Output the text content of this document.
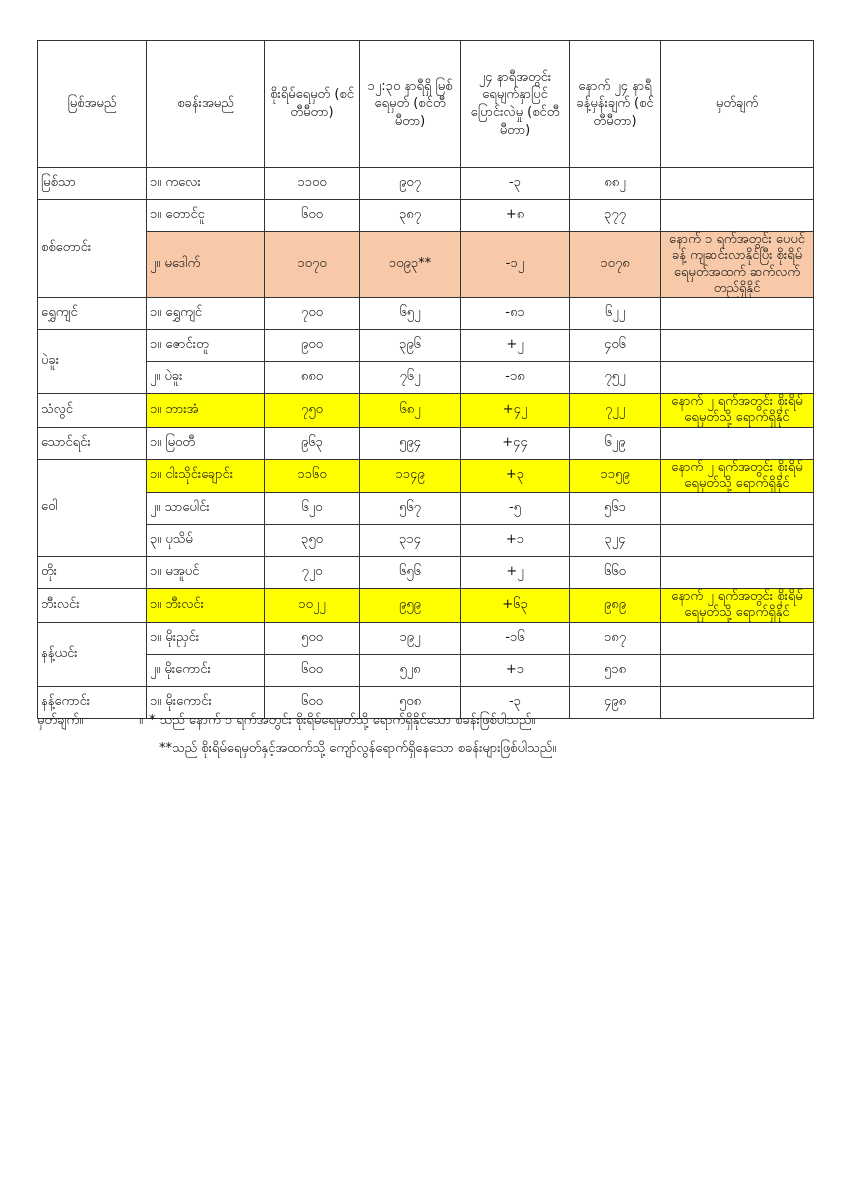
မြစ်အမည်	စခန်းအမည်	စိုးရိမ်ရေမှတ် (စင်တီမီတာ)	၁၂:၃၀ နာရီရှိ မြစ်ရေမှတ် (စင်တီမီတာ)	၂၄ နာရီအတွင်း ရေမျက်နှာပြင် ပြောင်းလဲမှု (စင်တီမီတာ)	နောက် ၂၄ နာရီ ခန့်မှန်းချက် (စင်တီမီတာ)	မှတ်ချက်
မြစ်သာ	၁။ ကလေး	၁၁၀၀	၉၀၇	-၃	၈၈၂	
စစ်တောင်း	၁။ တောင်ငူ	၆၀၀	၃၈၇	+၈	၃၇၇	
	၂။ မဒေါက်	၁၀၇၀	၁၀၉၃**	-၁၂	၁၀၇၈	နောက် ၁ ရက်အတွင်း ပေပင်ခန့် ကျဆင်းလာနိုင်ပြီး စိုးရိမ်ရေမှတ်အထက် ဆက်လက်တည်ရှိနိုင်
ရွှေကျင်	၁။ ရွှေကျင်	၇၀၀	၆၅၂	-၈၁	၆၂၂	
ပဲခူး	၁။ ဇောင်းတူ	၉၀၀	၃၉၆	+၂	၄၀၆	
	၂။ ပဲခူး	၈၈၀	၇၆၂	-၁၈	၇၅၂	
သံလွင်	၁။ ဘားအံ	၇၅၀	၆၈၂	+၄၂	၇၂၂	နောက် ၂ ရက်အတွင်း စိုးရိမ်ရေမှတ်သို့ ရောက်ရှိနိုင်
သောင်ရင်း	၁။ မြဝတီ	၉၆၃	၅၉၄	+၄၄	၆၂၉	
ဝေါ	၁။ ငါးသိုင်းချောင်း	၁၁၆၀	၁၁၄၉	+၃	၁၁၅၉	နောက် ၂ ရက်အတွင်း စိုးရိမ်ရေမှတ်သို့ ရောက်ရှိနိုင်
	၂။ သာပေါင်း	၆၂၀	၅၆၇	-၅	၅၆၁	
	၃။ ပုသိမ်	၃၅၀	၃၁၄	+၁	၃၂၄	
တိုး	၁။ မအူပင်	၇၂၀	၆၅၆	+၂	၆၆၀	
ဘီးလင်း	၁။ ဘီးလင်း	၁၀၂၂	၉၅၉	+၆၃	၉၈၉	နောက် ၂ ရက်အတွင်း စိုးရိမ်ရေမှတ်သို့ ရောက်ရှိနိုင်
နန့်ယင်း	၁။ မိုးညှင်း	၅၀၀	၁၉၂	-၁၆	၁၈၇	
	၂။ မိုးကောင်း	၆၀၀	၅၂၈	+၁	၅၁၈	
နန့်ကောင်း	၁။ မိုးကောင်း	၆၀၀	၅၀၈	-၃	၄၉၈	
မှတ်ချက်။	။ * သည် နောက် ၁ ရက်အတွင်း စိုးရိမ်ရေမှတ်သို့ ရောက်ရှိနိုင်သော စခန်းဖြစ်ပါသည်။
**သည် စိုးရိမ်ရေမှတ်နှင့်အထက်သို့ ကျော်လွန်ရောက်ရှိနေသော စခန်းများဖြစ်ပါသည်။
